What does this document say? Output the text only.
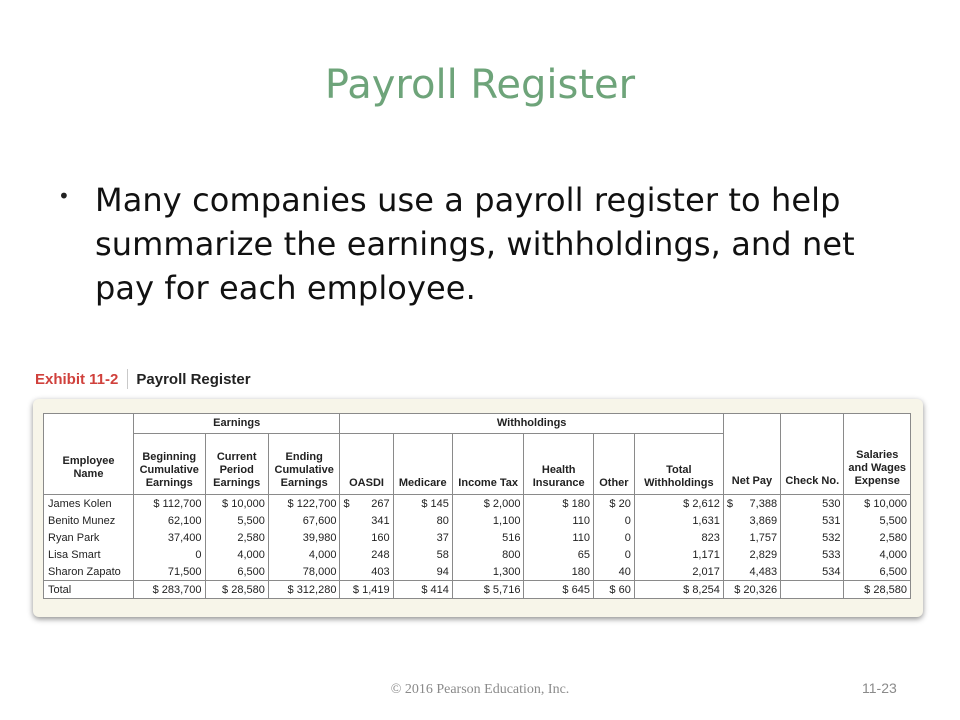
Payroll Register
• Many companies use a payroll register to help summarize the earnings, withholdings, and net pay for each employee.
Exhibit 11-2 Payroll Register
Employee Name	Earnings			Withholdings						Net Pay	Check No.	Salaries and Wages Expense
	Beginning Cumulative Earnings	Current Period Earnings	Ending Cumulative Earnings	OASDI	Medicare	Income Tax	Health Insurance	Other	Total Withholdings			
James Kolen	$ 112,700	$ 10,000	$ 122,700	$ 267	$ 145	$ 2,000	$ 180	$ 20	$ 2,612	$ 7,388	530	$ 10,000
Benito Munez	62,100	5,500	67,600	341	80	1,100	110	0	1,631	3,869	531	5,500
Ryan Park	37,400	2,580	39,980	160	37	516	110	0	823	1,757	532	2,580
Lisa Smart	0	4,000	4,000	248	58	800	65	0	1,171	2,829	533	4,000
Sharon Zapato	71,500	6,500	78,000	403	94	1,300	180	40	2,017	4,483	534	6,500
Total	$ 283,700	$ 28,580	$ 312,280	$ 1,419	$ 414	$ 5,716	$ 645	$ 60	$ 8,254	$ 20,326		$ 28,580
© 2016 Pearson Education, Inc.	11-23
